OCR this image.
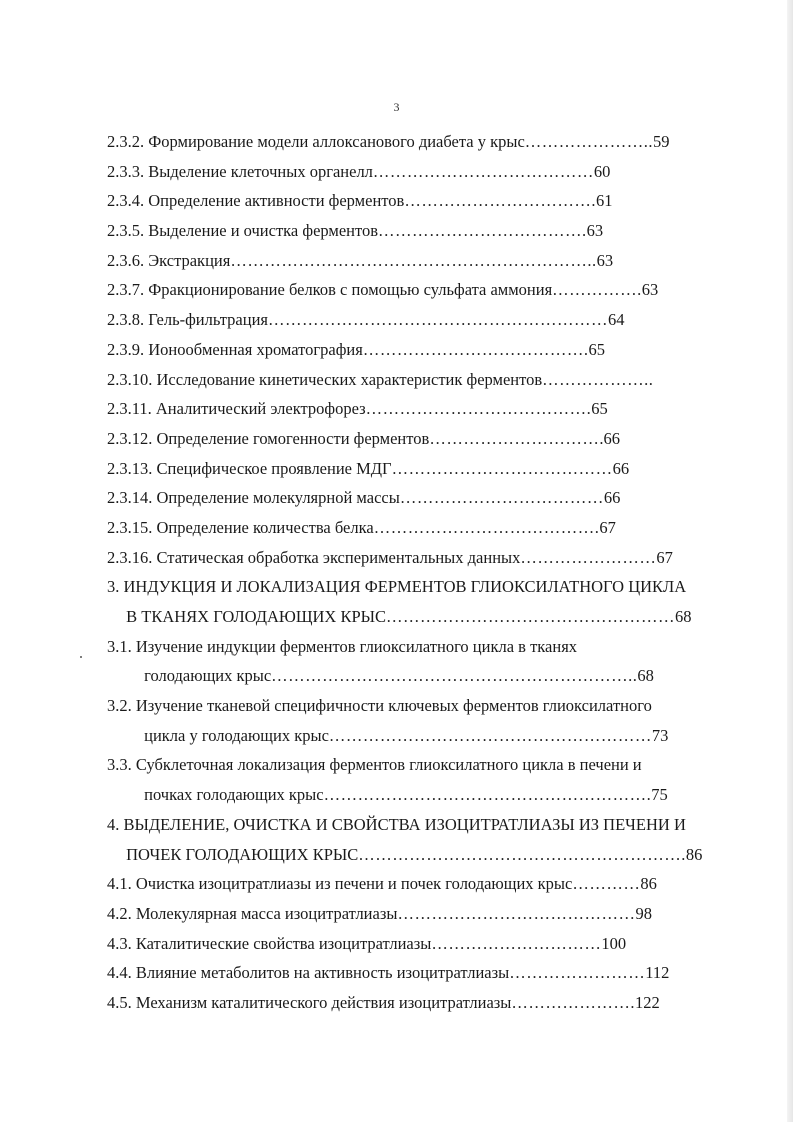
3
2.3.2. Формирование модели аллоксанового диабета у крыс…………………..59
2.3.3. Выделение клеточных органелл…………………………………60
2.3.4. Определение активности ферментов…………………………….61
2.3.5. Выделение и очистка ферментов……………………………….63
2.3.6. Экстракция………………………………………………………..63
2.3.7. Фракционирование белков с помощью сульфата аммония…………….63
2.3.8. Гель-фильтрация……………………………………………………64
2.3.9. Ионообменная хроматография………………………………….65
2.3.10. Исследование кинетических характеристик ферментов………………..
2.3.11. Аналитический электрофорез………………………………….65
2.3.12. Определение гомогенности ферментов………………………….66
2.3.13. Специфическое проявление МДГ…………………………………66
2.3.14. Определение молекулярной массы………………………………66
2.3.15. Определение количества белка………………………………….67
2.3.16. Статическая обработка экспериментальных данных……………………67
3. ИНДУКЦИЯ И ЛОКАЛИЗАЦИЯ ФЕРМЕНТОВ ГЛИОКСИЛАТНОГО ЦИКЛА
В ТКАНЯХ ГОЛОДАЮЩИХ КРЫС……………………………………………68
3.1. Изучение индукции ферментов глиоксилатного цикла в тканях
голодающих крыс………………………………………………………..68
3.2. Изучение тканевой специфичности ключевых ферментов глиоксилатного
цикла у голодающих крыс…………………………………………………73
3.3. Субклеточная локализация ферментов глиоксилатного цикла в печени и
почках голодающих крыс………………………………………………….75
4. ВЫДЕЛЕНИЕ, ОЧИСТКА И СВОЙСТВА ИЗОЦИТРАТЛИАЗЫ ИЗ ПЕЧЕНИ И
ПОЧЕК ГОЛОДАЮЩИХ КРЫС………………………………………………….86
4.1. Очистка изоцитратлиазы из печени и почек голодающих крыс…………86
4.2. Молекулярная масса изоцитратлиазы……………………………………98
4.3. Каталитические свойства изоцитратлиазы…………………………100
4.4. Влияние метаболитов на активность изоцитратлиазы……………………112
4.5. Механизм каталитического действия изоцитратлиазы………………….122
